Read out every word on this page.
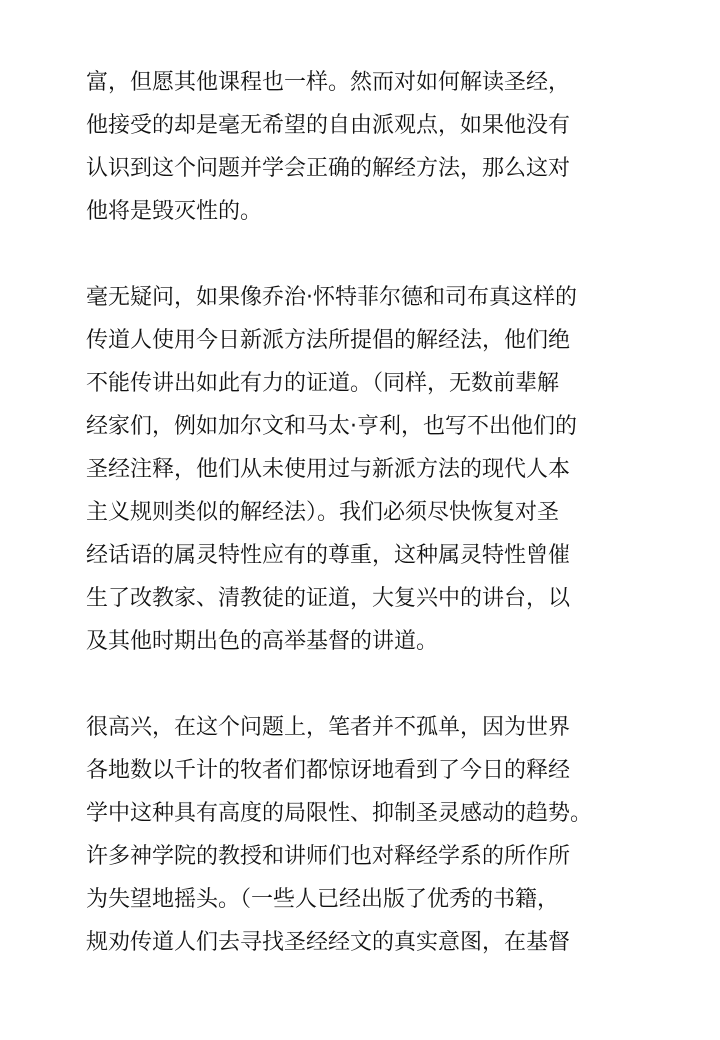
富，但愿其他课程也一样。然而对如何解读圣经，
他接受的却是毫无希望的自由派观点，如果他没有
认识到这个问题并学会正确的解经方法，那么这对
他将是毁灭性的。
毫无疑问，如果像乔治·怀特菲尔德和司布真这样的
传道人使用今日新派方法所提倡的解经法，他们绝
不能传讲出如此有力的证道。（同样，无数前辈解
经家们，例如加尔文和马太·亨利，也写不出他们的
圣经注释，他们从未使用过与新派方法的现代人本
主义规则类似的解经法）。我们必须尽快恢复对圣
经话语的属灵特性应有的尊重，这种属灵特性曾催
生了改教家、清教徒的证道，大复兴中的讲台，以
及其他时期出色的高举基督的讲道。
很高兴，在这个问题上，笔者并不孤单，因为世界
各地数以千计的牧者们都惊讶地看到了今日的释经
学中这种具有高度的局限性、抑制圣灵感动的趋势。
许多神学院的教授和讲师们也对释经学系的所作所
为失望地摇头。（一些人已经出版了优秀的书籍，
规劝传道人们去寻找圣经经文的真实意图，在基督
